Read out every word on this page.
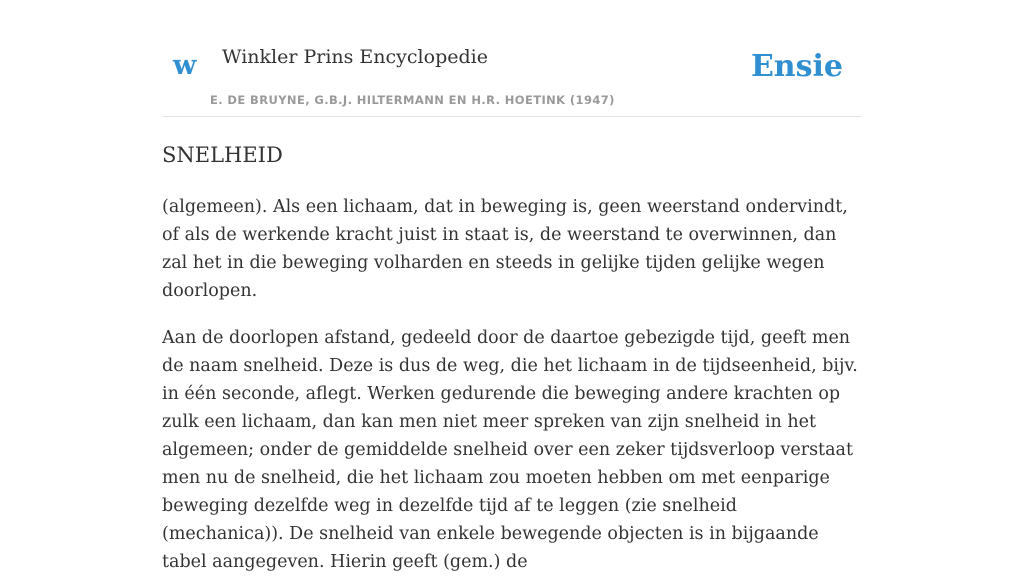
w Winkler Prins Encyclopedie
E. DE BRUYNE, G.B.J. HILTERMANN EN H.R. HOETINK (1947)
Ensie
SNELHEID

(algemeen). Als een lichaam, dat in beweging is, geen weerstand ondervindt, of als de werkende kracht juist in staat is, de weerstand te overwinnen, dan zal het in die beweging volharden en steeds in gelijke tijden gelijke wegen doorlopen.

Aan de doorlopen afstand, gedeeld door de daartoe gebezigde tijd, geeft men de naam snelheid. Deze is dus de weg, die het lichaam in de tijdseenheid, bijv. in één seconde, aflegt. Werken gedurende die beweging andere krachten op zulk een lichaam, dan kan men niet meer spreken van zijn snelheid in het algemeen; onder de gemiddelde snelheid over een zeker tijdsverloop verstaat men nu de snelheid, die het lichaam zou moeten hebben om met eenparige beweging dezelfde weg in dezelfde tijd af te leggen (zie snelheid (mechanica)). De snelheid van enkele bewegende objecten is in bijgaande tabel aangegeven. Hierin geeft (gem.) de
